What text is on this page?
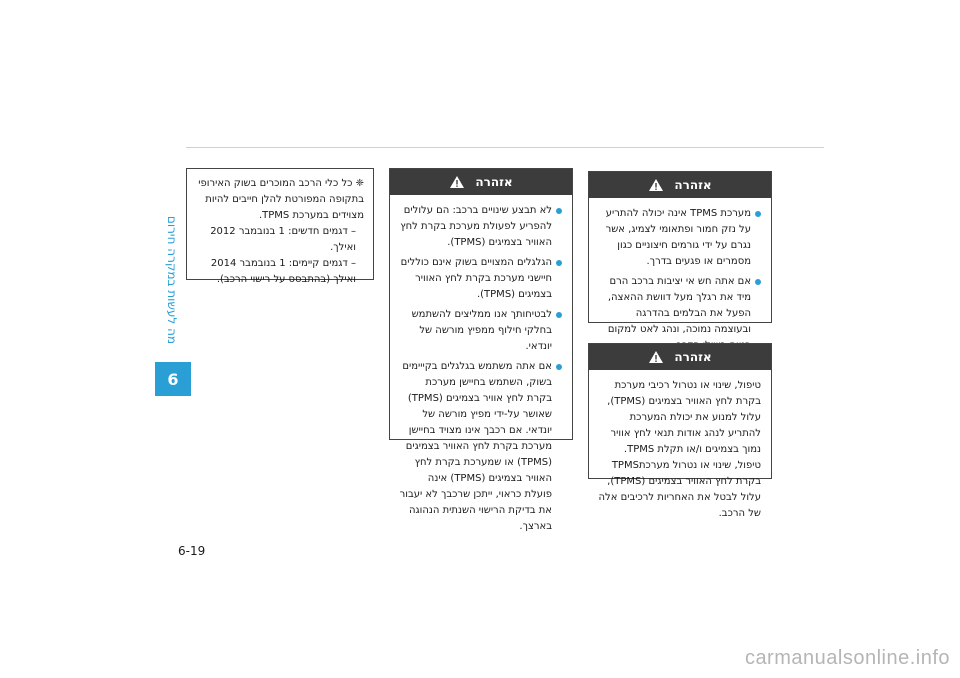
מה לעשות במקרה חירום
6

❈ כל כלי הרכב המוכרים בשוק האירופי

בתקופה המפורטת להלן חייבים להיות

מצוידים במערכת TPMS.

– דגמים חדשים: 1 בנובמבר 2012

ואילך.

– דגמים קיימים: 1 בנובמבר 2014

ואילך (בהתבסס על רישוי הרכב).

אזהרה
לא תבצע שינויים ברכב: הם עלולים להפריע לפעולת מערכת בקרת לחץ האוויר בצמיגים (TPMS).
הגלגלים המצויים בשוק אינם כוללים חיישני מערכת בקרת לחץ האוויר בצמיגים (TPMS).
לבטיחותך אנו ממליצים להשתמש בחלקי חילוף ממפיץ מורשה של יונדאי.
אם אתה משתמש בגלגלים בקייימים בשוק, השתמש בחיישן מערכת בקרת לחץ אוויר בצמיגים (TPMS) שאושר על-ידי מפיץ מורשה של יונדאי. אם רכבך אינו מצויד בחיישן מערכת בקרת לחץ האוויר בצמיגים (TPMS) או שמערכת בקרת לחץ האוויר בצמיגים (TPMS) אינה פועלת כראוי, ייתכן שרכבך לא יעבור את בדיקת הרישוי השנתית הנהוגה בארצך.
אזהרה
מערכת TPMS אינה יכולה להתריע על נזק חמור ופתאומי לצמיג, אשר נגרם על ידי גורמים חיצוניים כגון מסמרים או פגעים בדרך.
אם אתה חש אי יציבות ברכב הרם מיד את רגלך מעל דוושת ההאצה, הפעל את הבלמים בהדרגה ובעוצמה נמוכה, ונהג לאט למקום
אזהרה

טיפול, שינוי או נטרול רכיבי מערכת בקרת לחץ האוויר בצמיגים (TPMS), עלול למנוע את יכולת המערכת להתריע לנהג אודות תנאי לחץ אוויר נמוך בצמיגים ו/או תקלת TPMS. טיפול, שינוי או נטרול מערכתTPMS בקרת לחץ האוויר בצמיגים (TPMS), עלול לבטל את האחריות לרכיבים אלה של הרכב.

6-19
carmanualsonline.info
